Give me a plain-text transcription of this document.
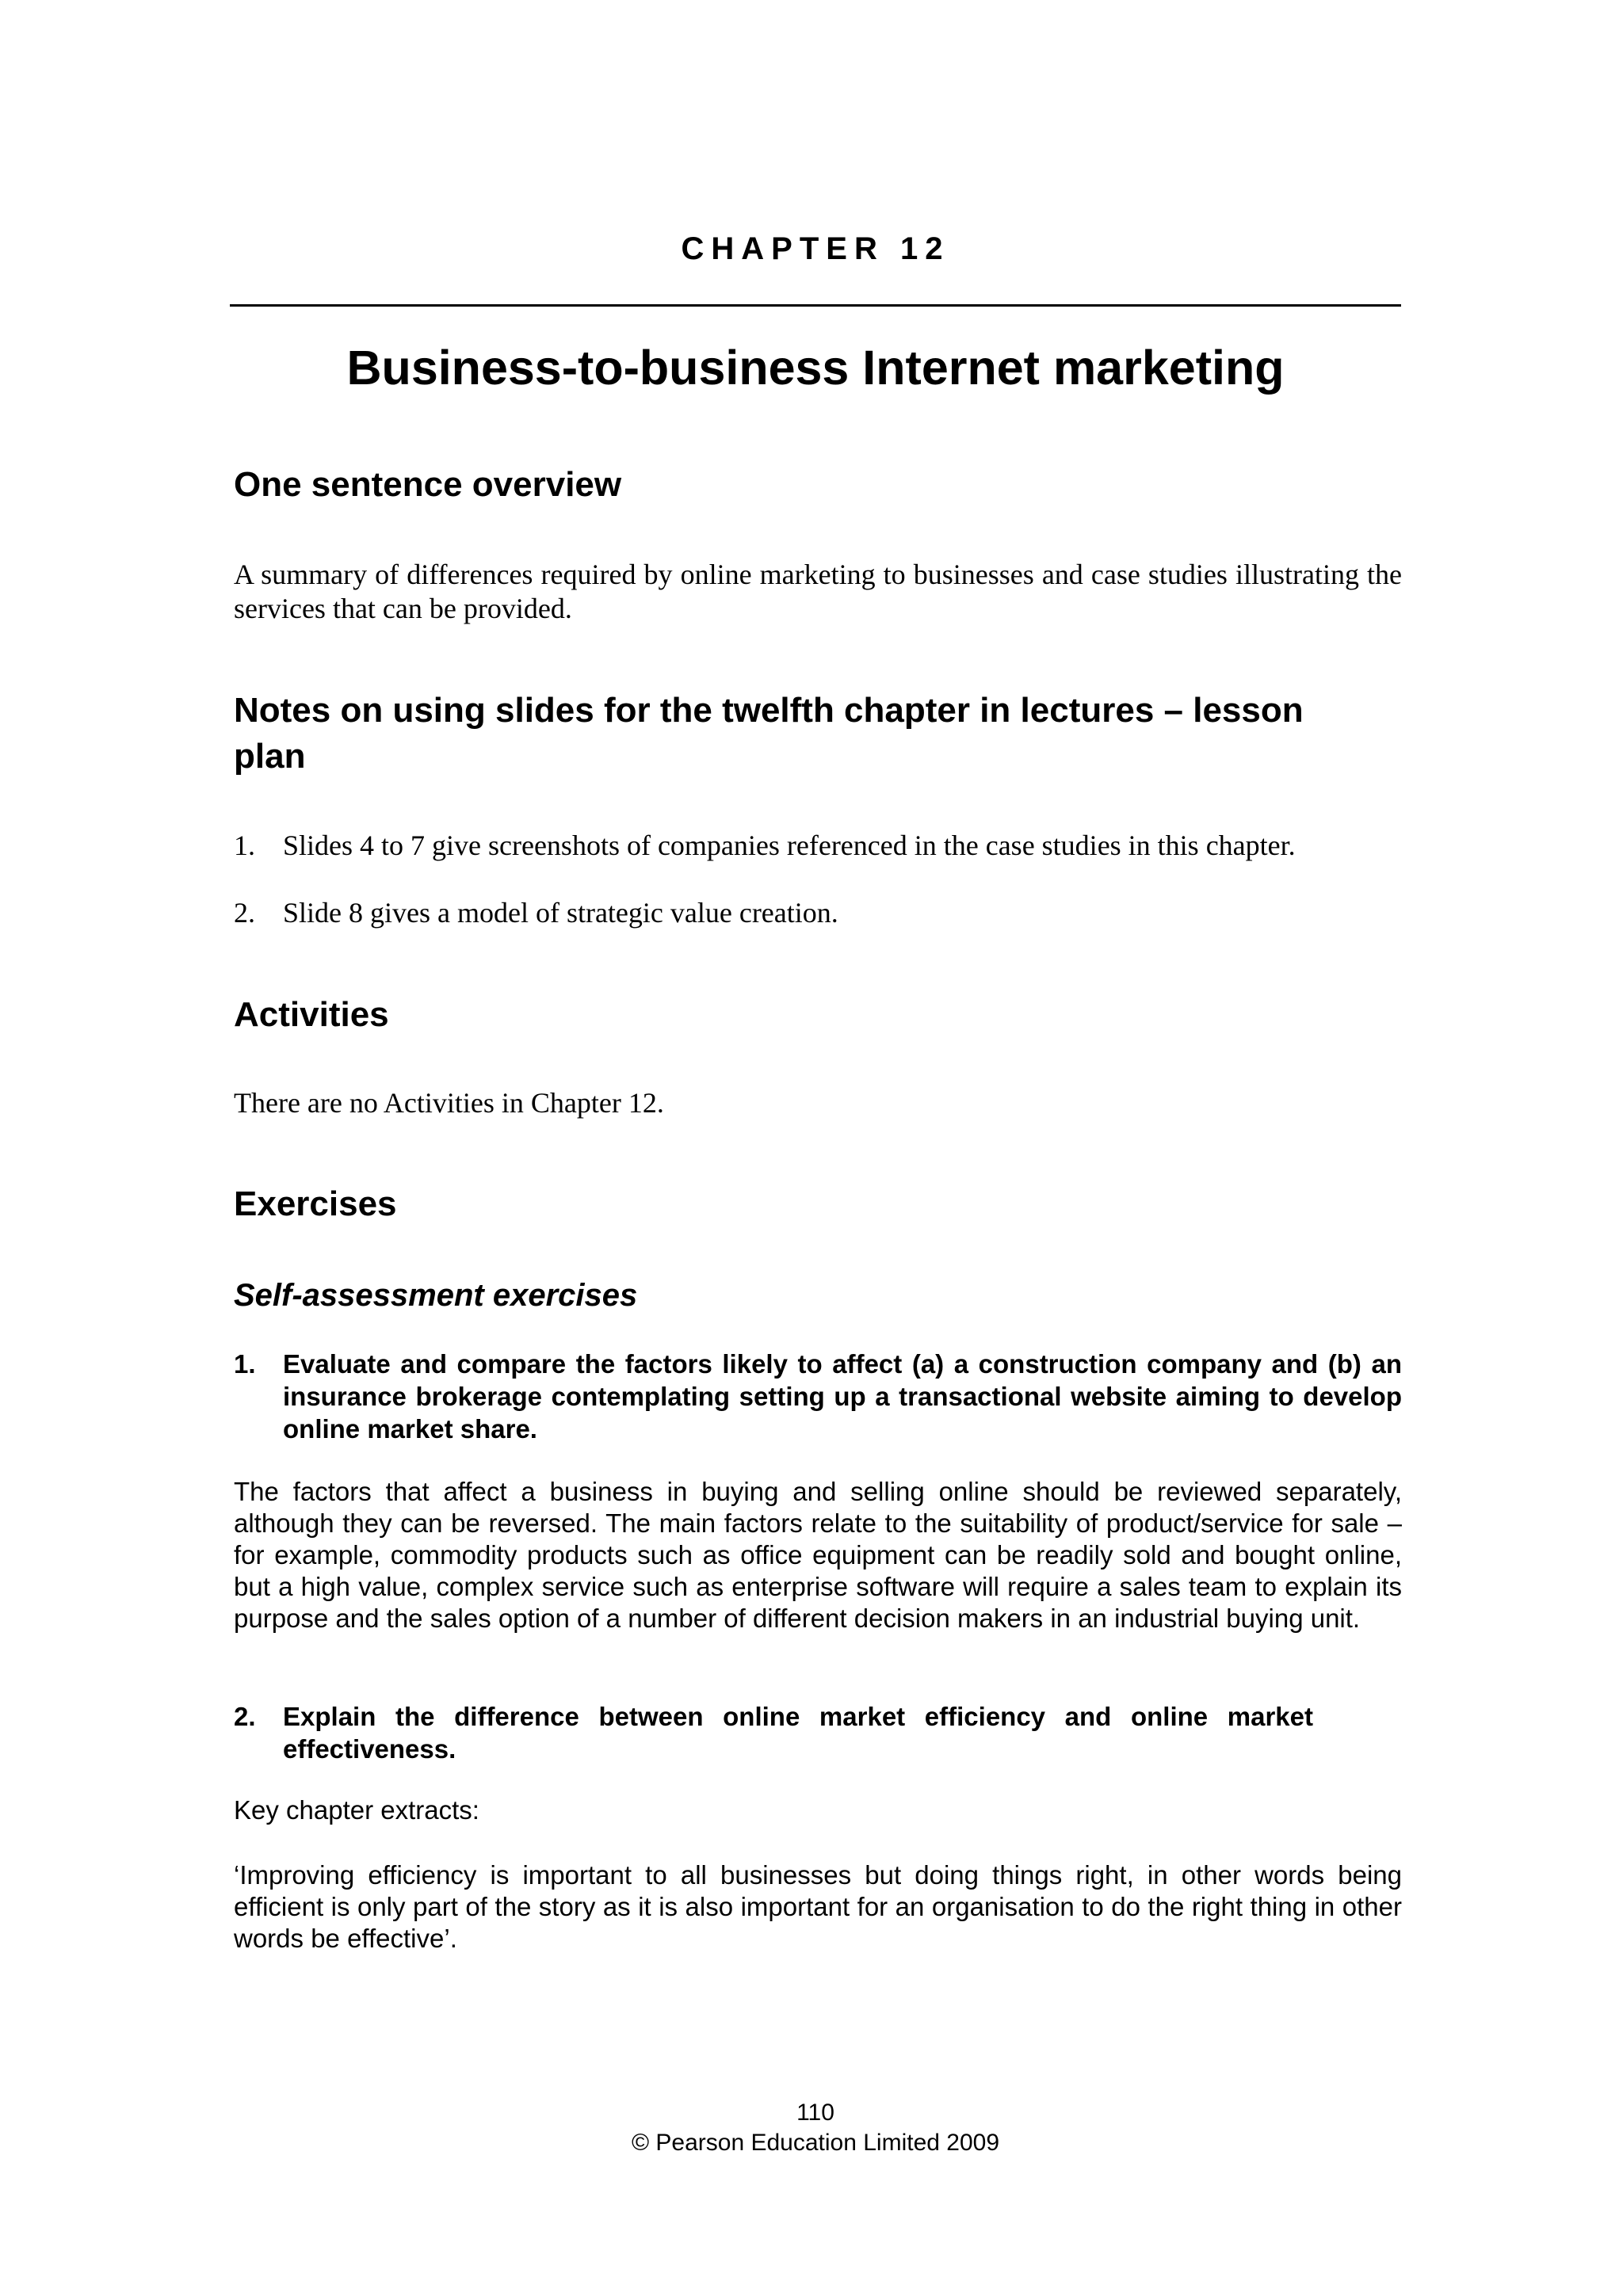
CHAPTER 12
Business-to-business Internet marketing
One sentence overview
A summary of differences required by online marketing to businesses and case studies illustrating the services that can be provided.
Notes on using slides for the twelfth chapter in lectures – lesson plan
1. Slides 4 to 7 give screenshots of companies referenced in the case studies in this chapter.
2. Slide 8 gives a model of strategic value creation.
Activities
There are no Activities in Chapter 12.
Exercises
Self-assessment exercises
1.	Evaluate and compare the factors likely to affect (a) a construction company and (b) an insurance brokerage contemplating setting up a transactional website aiming to develop online market share.
The factors that affect a business in buying and selling online should be reviewed separately, although they can be reversed. The main factors relate to the suitability of product/service for sale – for example, commodity products such as office equipment can be readily sold and bought online, but a high value, complex service such as enterprise software will require a sales team to explain its purpose and the sales option of a number of different decision makers in an industrial buying unit.
2.	Explain the difference between online market efficiency and online market effectiveness.
Key chapter extracts:
‘Improving efficiency is important to all businesses but doing things right, in other words being efficient is only part of the story as it is also important for an organisation to do the right thing in other words be effective’.
110
© Pearson Education Limited 2009
